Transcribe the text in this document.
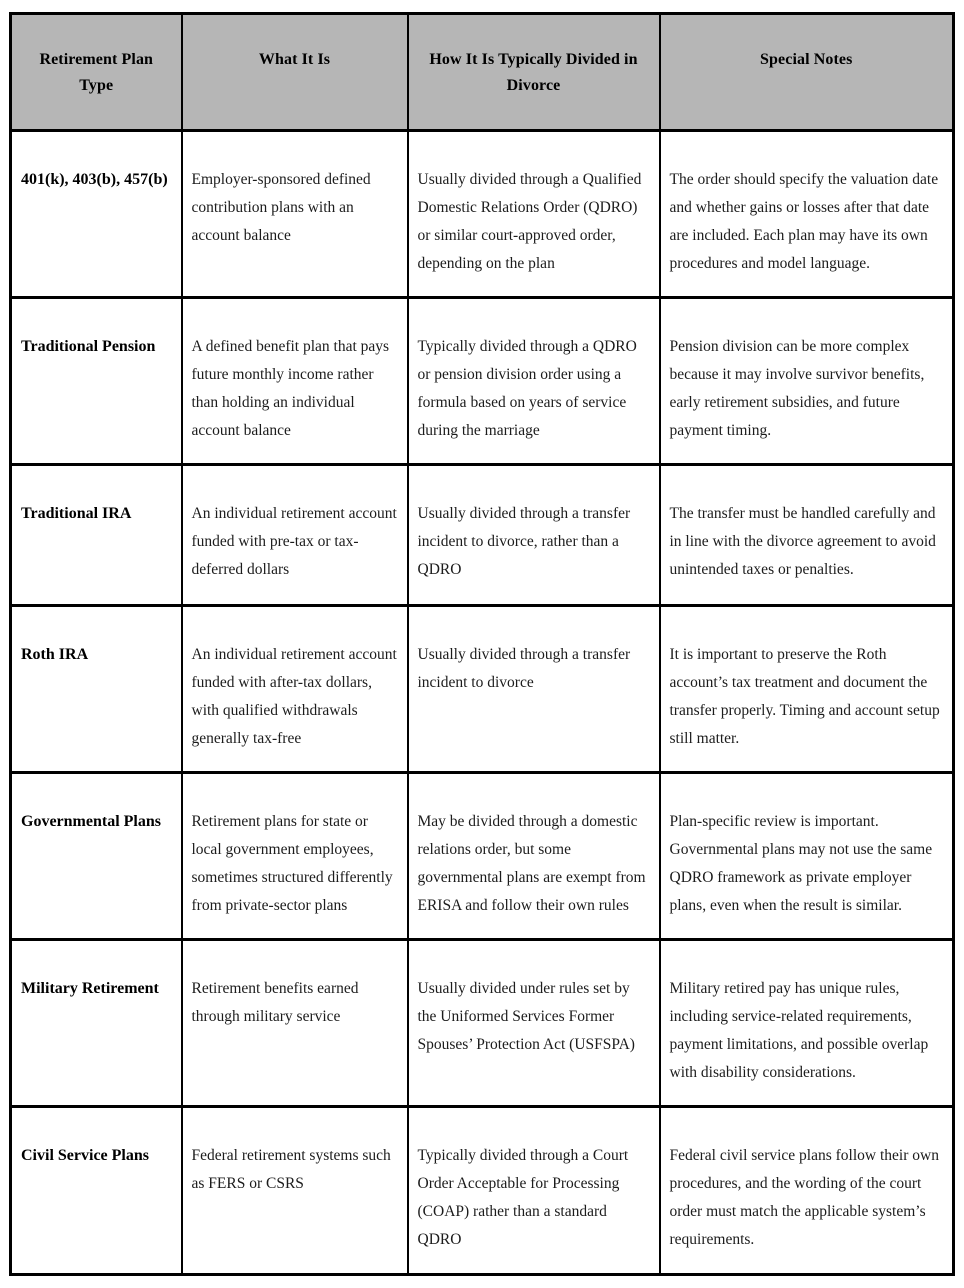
Retirement Plan Type	What It Is	How It Is Typically Divided in Divorce	Special Notes
401(k), 403(b), 457(b)	Employer-sponsored defined contribution plans with an account balance	Usually divided through a Qualified Domestic Relations Order (QDRO) or similar court-approved order, depending on the plan	The order should specify the valuation date and whether gains or losses after that date are included. Each plan may have its own procedures and model language.
Traditional Pension	A defined benefit plan that pays future monthly income rather than holding an individual account balance	Typically divided through a QDRO or pension division order using a formula based on years of service during the marriage	Pension division can be more complex because it may involve survivor benefits, early retirement subsidies, and future payment timing.
Traditional IRA	An individual retirement account funded with pre-tax or tax-deferred dollars	Usually divided through a transfer incident to divorce, rather than a QDRO	The transfer must be handled carefully and in line with the divorce agreement to avoid unintended taxes or penalties.
Roth IRA	An individual retirement account funded with after-tax dollars, with qualified withdrawals generally tax-free	Usually divided through a transfer incident to divorce	It is important to preserve the Roth account’s tax treatment and document the transfer properly. Timing and account setup still matter.
Governmental Plans	Retirement plans for state or local government employees, sometimes structured differently from private-sector plans	May be divided through a domestic relations order, but some governmental plans are exempt from ERISA and follow their own rules	Plan-specific review is important. Governmental plans may not use the same QDRO framework as private employer plans, even when the result is similar.
Military Retirement	Retirement benefits earned through military service	Usually divided under rules set by the Uniformed Services Former Spouses’ Protection Act (USFSPA)	Military retired pay has unique rules, including service-related requirements, payment limitations, and possible overlap with disability considerations.
Civil Service Plans	Federal retirement systems such as FERS or CSRS	Typically divided through a Court Order Acceptable for Processing (COAP) rather than a standard QDRO	Federal civil service plans follow their own procedures, and the wording of the court order must match the applicable system’s requirements.
